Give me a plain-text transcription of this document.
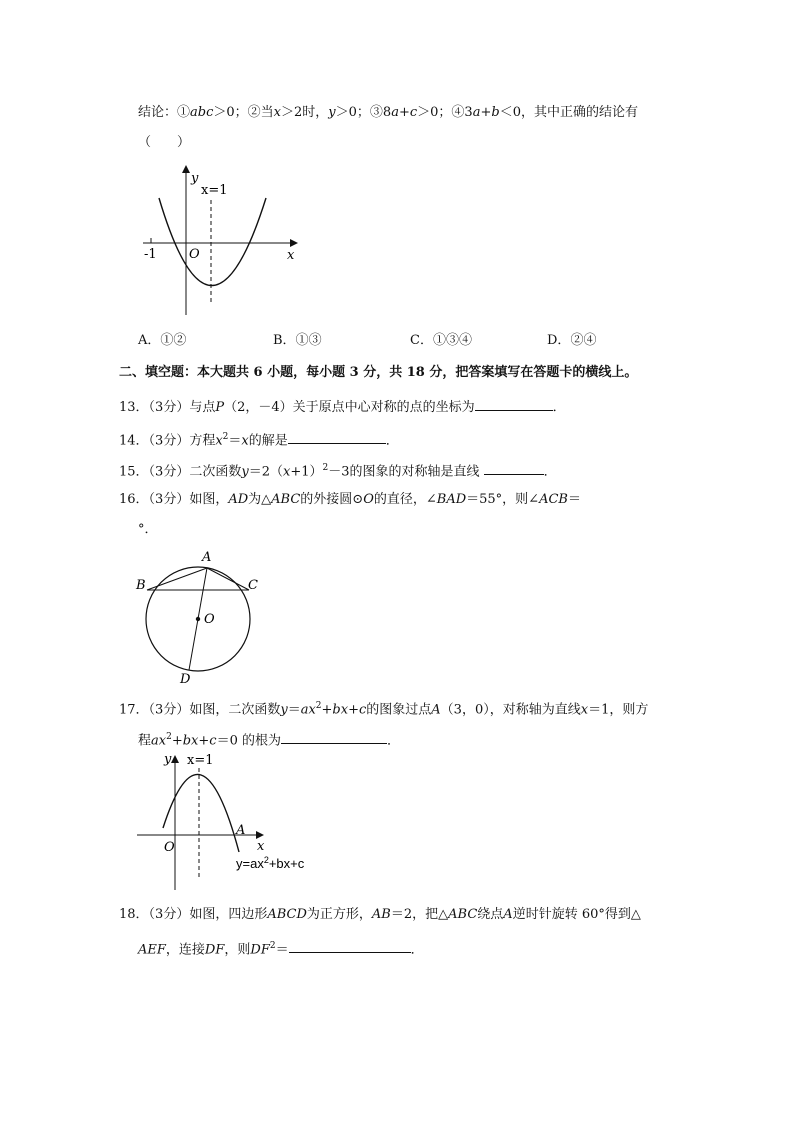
结论：①abc＞0；②当x＞2时，y＞0；③8a+c＞0；④3a+b＜0，其中正确的结论有
（　　）
y
x=1
O
-1	x
A．①②	B．①③	C．①③④	D．②④
二、填空题：本大题共 6 小题，每小题 3 分，共 18 分，把答案填写在答题卡的横线上。
13．（3分）与点P（2，－4）关于原点中心对称的点的坐标为	．
14．（3分）方程$x^2=x$的解是	．
15．（3分）二次函数$y=2(x+1)^2-3$的图象的对称轴是直线	．
16．（3分）如图，AD为△ABC的外接圆⊙O的直径，∠BAD＝55°，则∠ACB＝
°．
A
B	C
O
D
17．（3分）如图，二次函数$y=ax^2+bx+c$的图象过点A（3，0），对称轴为直线x＝1，则方
程$ax^2+bx+c=0$ 的根为	．
y x=1
O
A
x
$y=ax^2+bx+c$
18．（3分）如图，四边形ABCD为正方形，AB＝2，把△ABC绕点A逆时针旋转 60°得到△
AEF，连接DF，则$DF^2=$	．
